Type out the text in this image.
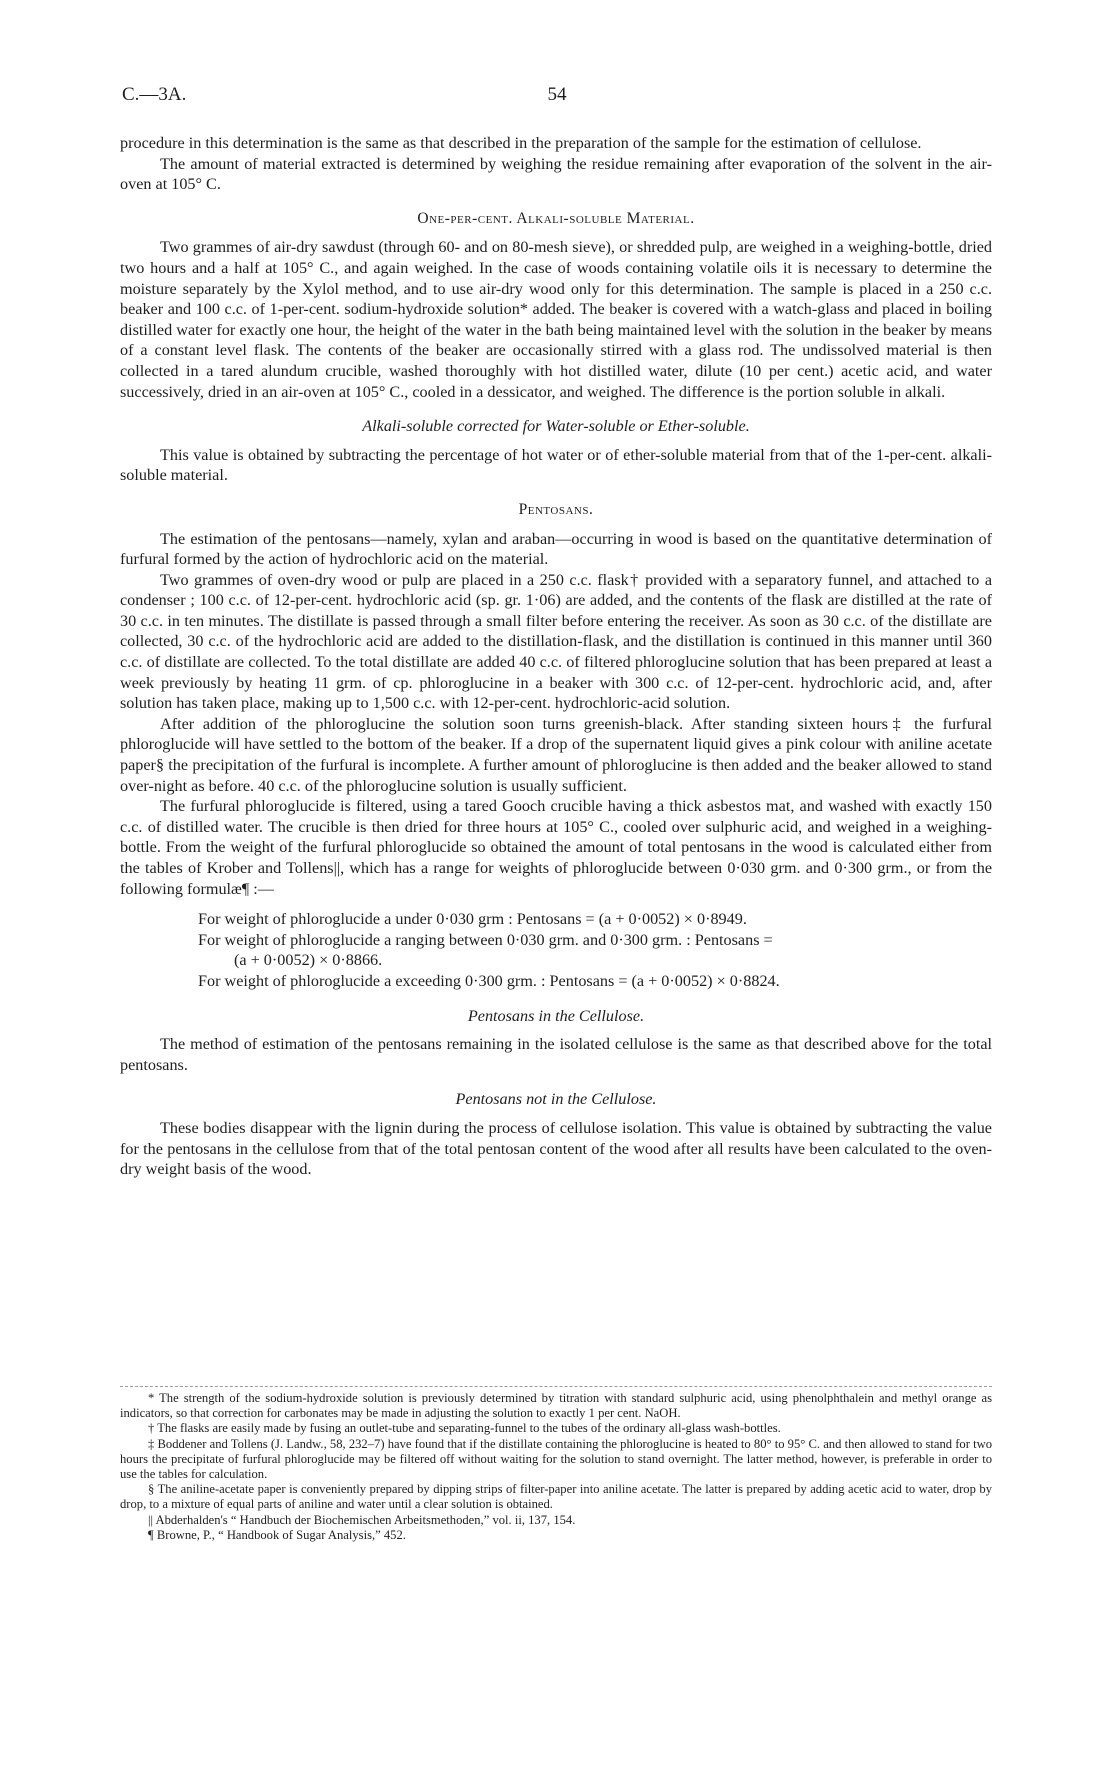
C.—3A.	54

procedure in this determination is the same as that described in the preparation of the sample for the estimation of cellulose.

The amount of material extracted is determined by weighing the residue remaining after evaporation of the solvent in the air-oven at 105° C.

One-per-cent. Alkali-soluble Material.

Two grammes of air-dry sawdust (through 60- and on 80-mesh sieve), or shredded pulp, are weighed in a weighing-bottle, dried two hours and a half at 105° C., and again weighed. In the case of woods containing volatile oils it is necessary to determine the moisture separately by the Xylol method, and to use air-dry wood only for this determination. The sample is placed in a 250 c.c. beaker and 100 c.c. of 1-per-cent. sodium-hydroxide solution* added. The beaker is covered with a watch-glass and placed in boiling distilled water for exactly one hour, the height of the water in the bath being maintained level with the solution in the beaker by means of a constant level flask. The contents of the beaker are occasionally stirred with a glass rod. The undissolved material is then collected in a tared alundum crucible, washed thoroughly with hot distilled water, dilute (10 per cent.) acetic acid, and water successively, dried in an air-oven at 105° C., cooled in a dessicator, and weighed. The difference is the portion soluble in alkali.

Alkali-soluble corrected for Water-soluble or Ether-soluble.

This value is obtained by subtracting the percentage of hot water or of ether-soluble material from that of the 1-per-cent. alkali-soluble material.

Pentosans.

The estimation of the pentosans—namely, xylan and araban—occurring in wood is based on the quantitative determination of furfural formed by the action of hydrochloric acid on the material.

Two grammes of oven-dry wood or pulp are placed in a 250 c.c. flask† provided with a separatory funnel, and attached to a condenser ; 100 c.c. of 12-per-cent. hydrochloric acid (sp. gr. 1·06) are added, and the contents of the flask are distilled at the rate of 30 c.c. in ten minutes. The distillate is passed through a small filter before entering the receiver. As soon as 30 c.c. of the distillate are collected, 30 c.c. of the hydrochloric acid are added to the distillation-flask, and the distillation is continued in this manner until 360 c.c. of distillate are collected. To the total distillate are added 40 c.c. of filtered phloroglucine solution that has been prepared at least a week previously by heating 11 grm. of cp. phloroglucine in a beaker with 300 c.c. of 12-per-cent. hydrochloric acid, and, after solution has taken place, making up to 1,500 c.c. with 12-per-cent. hydrochloric-acid solution.

After addition of the phloroglucine the solution soon turns greenish-black. After standing sixteen hours‡ the furfural phloroglucide will have settled to the bottom of the beaker. If a drop of the supernatent liquid gives a pink colour with aniline acetate paper§ the precipitation of the furfural is incomplete. A further amount of phloroglucine is then added and the beaker allowed to stand over-night as before. 40 c.c. of the phloroglucine solution is usually sufficient.

The furfural phloroglucide is filtered, using a tared Gooch crucible having a thick asbestos mat, and washed with exactly 150 c.c. of distilled water. The crucible is then dried for three hours at 105° C., cooled over sulphuric acid, and weighed in a weighing-bottle. From the weight of the furfural phloroglucide so obtained the amount of total pentosans in the wood is calculated either from the tables of Krober and Tollens||, which has a range for weights of phloroglucide between 0·030 grm. and 0·300 grm., or from the following formulæ¶ :—

For weight of phloroglucide a under 0·030 grm : Pentosans = (a + 0·0052) × 0·8949.
For weight of phloroglucide a ranging between 0·030 grm. and 0·300 grm. : Pentosans =
(a + 0·0052) × 0·8866.
For weight of phloroglucide a exceeding 0·300 grm. : Pentosans = (a + 0·0052) × 0·8824.
Pentosans in the Cellulose.

The method of estimation of the pentosans remaining in the isolated cellulose is the same as that described above for the total pentosans.

Pentosans not in the Cellulose.

These bodies disappear with the lignin during the process of cellulose isolation. This value is obtained by subtracting the value for the pentosans in the cellulose from that of the total pentosan content of the wood after all results have been calculated to the oven-dry weight basis of the wood.

* The strength of the sodium-hydroxide solution is previously determined by titration with standard sulphuric acid, using phenolphthalein and methyl orange as indicators, so that correction for carbonates may be made in adjusting the solution to exactly 1 per cent. NaOH.

† The flasks are easily made by fusing an outlet-tube and separating-funnel to the tubes of the ordinary all-glass wash-bottles.

‡ Boddener and Tollens (J. Landw., 58, 232–7) have found that if the distillate containing the phloroglucine is heated to 80° to 95° C. and then allowed to stand for two hours the precipitate of furfural phloroglucide may be filtered off without waiting for the solution to stand overnight. The latter method, however, is preferable in order to use the tables for calculation.

§ The aniline-acetate paper is conveniently prepared by dipping strips of filter-paper into aniline acetate. The latter is prepared by adding acetic acid to water, drop by drop, to a mixture of equal parts of aniline and water until a clear solution is obtained.

|| Abderhalden's “ Handbuch der Biochemischen Arbeitsmethoden,” vol. ii, 137, 154.

¶ Browne, P., “ Handbook of Sugar Analysis,” 452.
